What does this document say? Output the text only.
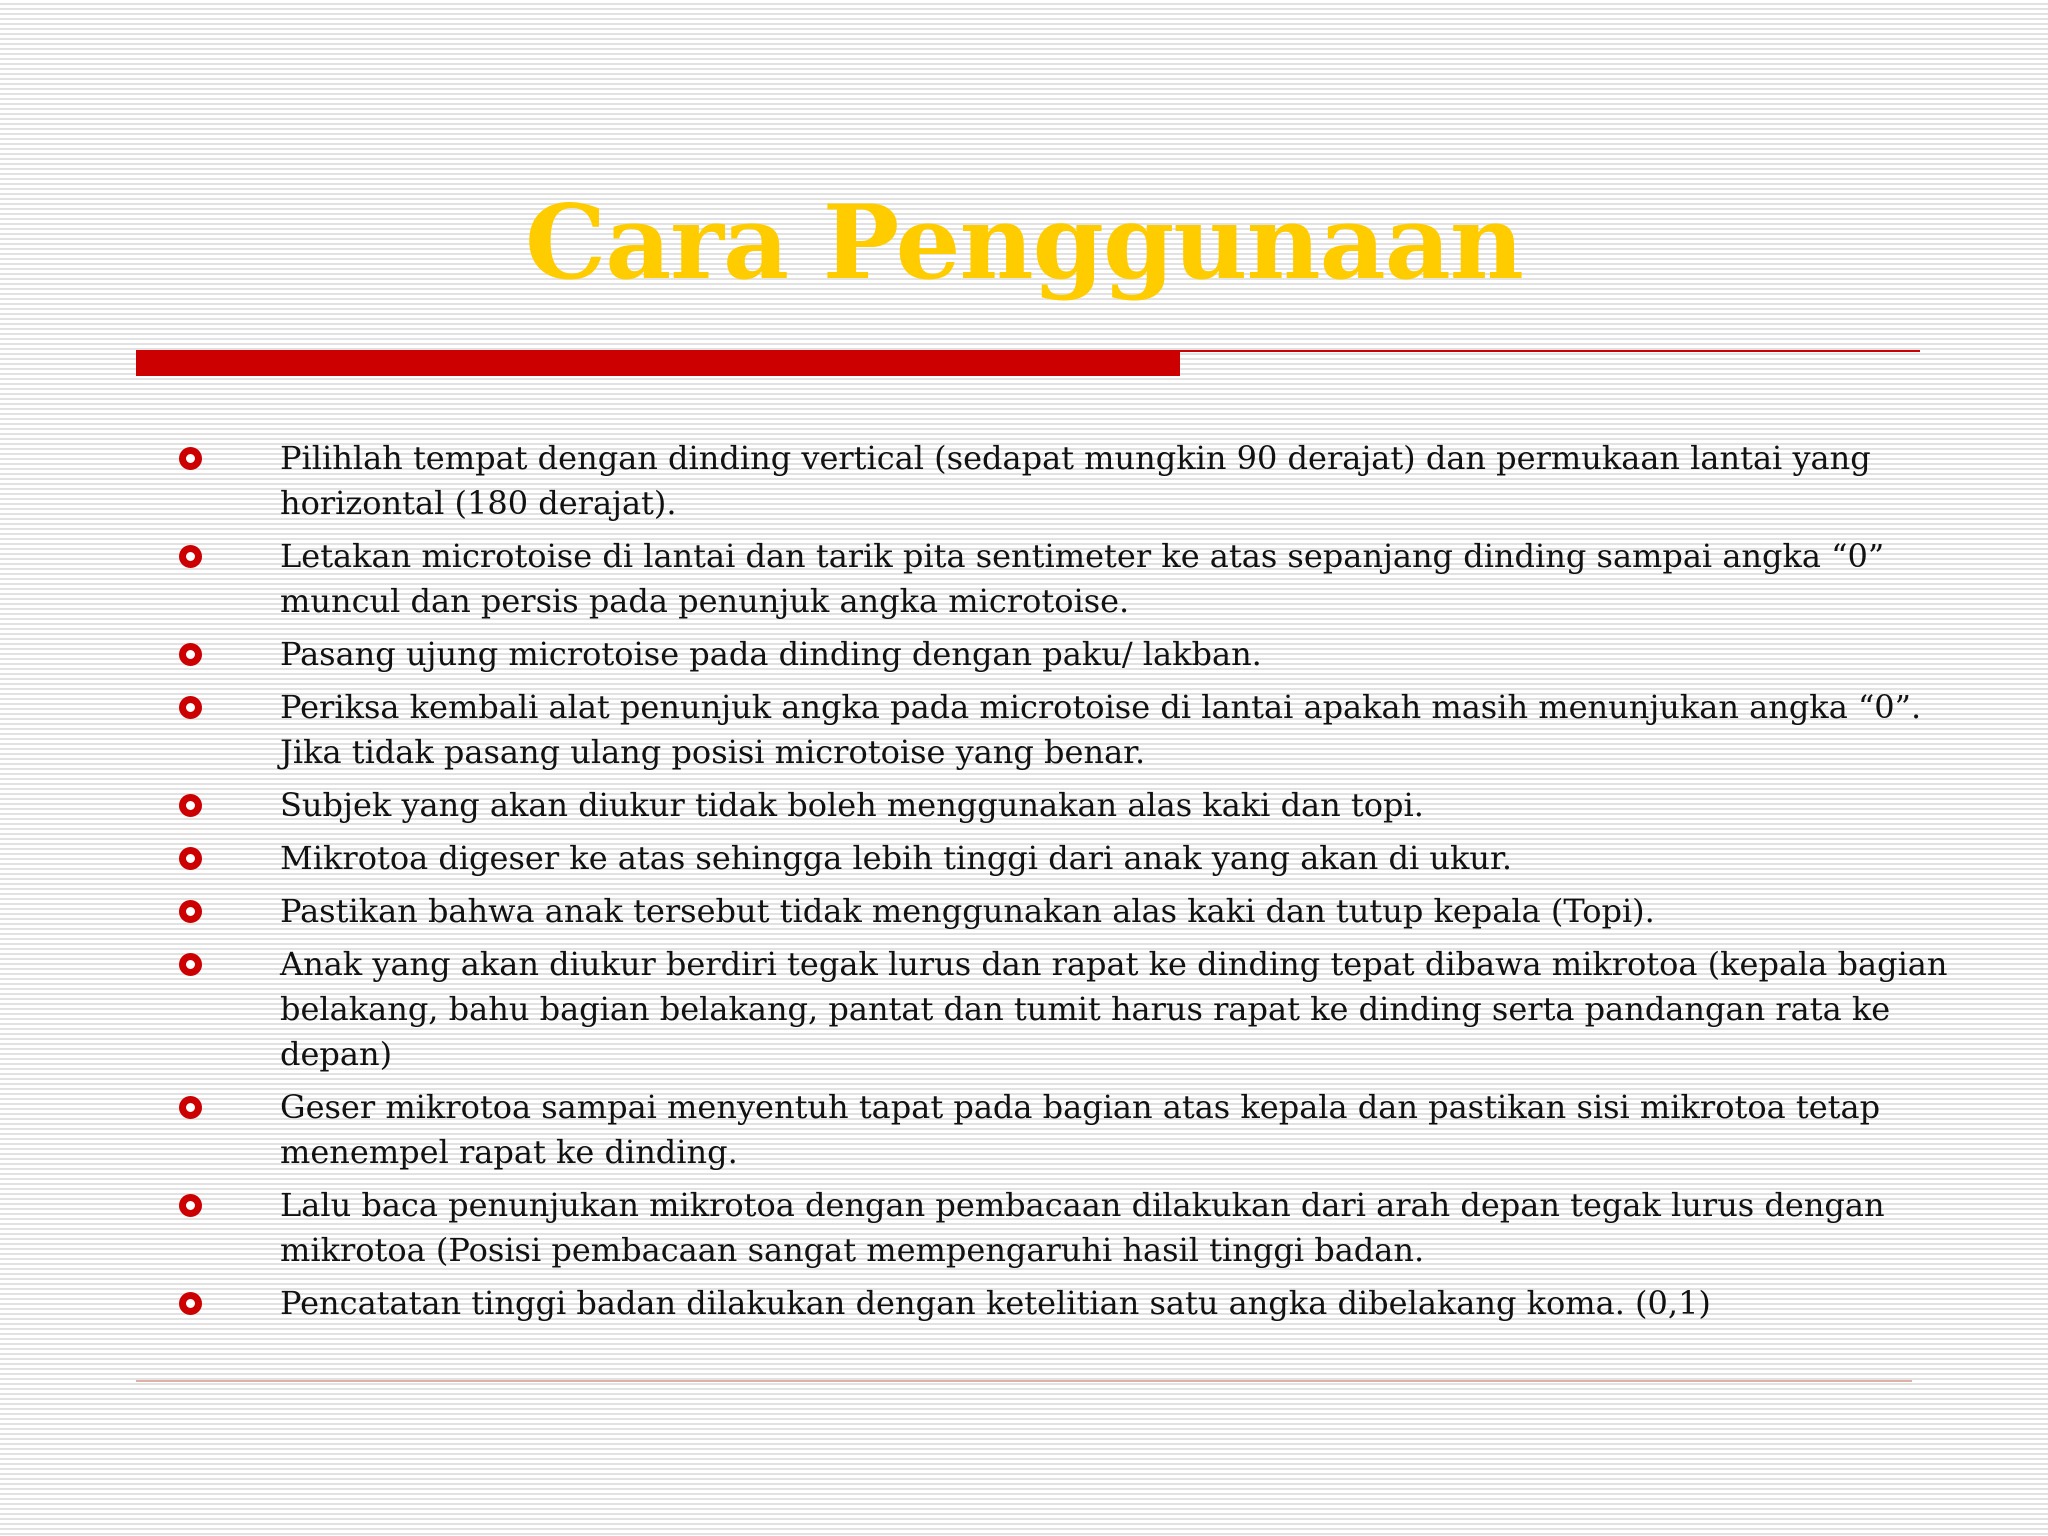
Cara Penggunaan
Pilihlah tempat dengan dinding vertical (sedapat mungkin 90 derajat) dan permukaan lantai yang horizontal (180 derajat).
Letakan microtoise di lantai dan tarik pita sentimeter ke atas sepanjang dinding sampai angka “0” muncul dan persis pada penunjuk angka microtoise.
Pasang ujung microtoise pada dinding dengan paku/ lakban.
Periksa kembali alat penunjuk angka pada microtoise di lantai apakah masih menunjukan angka “0”. Jika tidak pasang ulang posisi microtoise yang benar.
Subjek yang akan diukur tidak boleh menggunakan alas kaki dan topi.
Mikrotoa digeser ke atas sehingga lebih tinggi dari anak yang akan di ukur.
Pastikan bahwa anak tersebut tidak menggunakan alas kaki dan tutup kepala (Topi).
Anak yang akan diukur berdiri tegak lurus dan rapat ke dinding tepat dibawa mikrotoa (kepala bagian belakang, bahu bagian belakang, pantat dan tumit harus rapat ke dinding serta pandangan rata ke depan)
Geser mikrotoa sampai menyentuh tapat pada bagian atas kepala dan pastikan sisi mikrotoa tetap menempel rapat ke dinding.
Lalu baca penunjukan mikrotoa dengan pembacaan dilakukan dari arah depan tegak lurus dengan mikrotoa (Posisi pembacaan sangat mempengaruhi hasil tinggi badan.
Pencatatan tinggi badan dilakukan dengan ketelitian satu angka dibelakang koma. (0,1)
